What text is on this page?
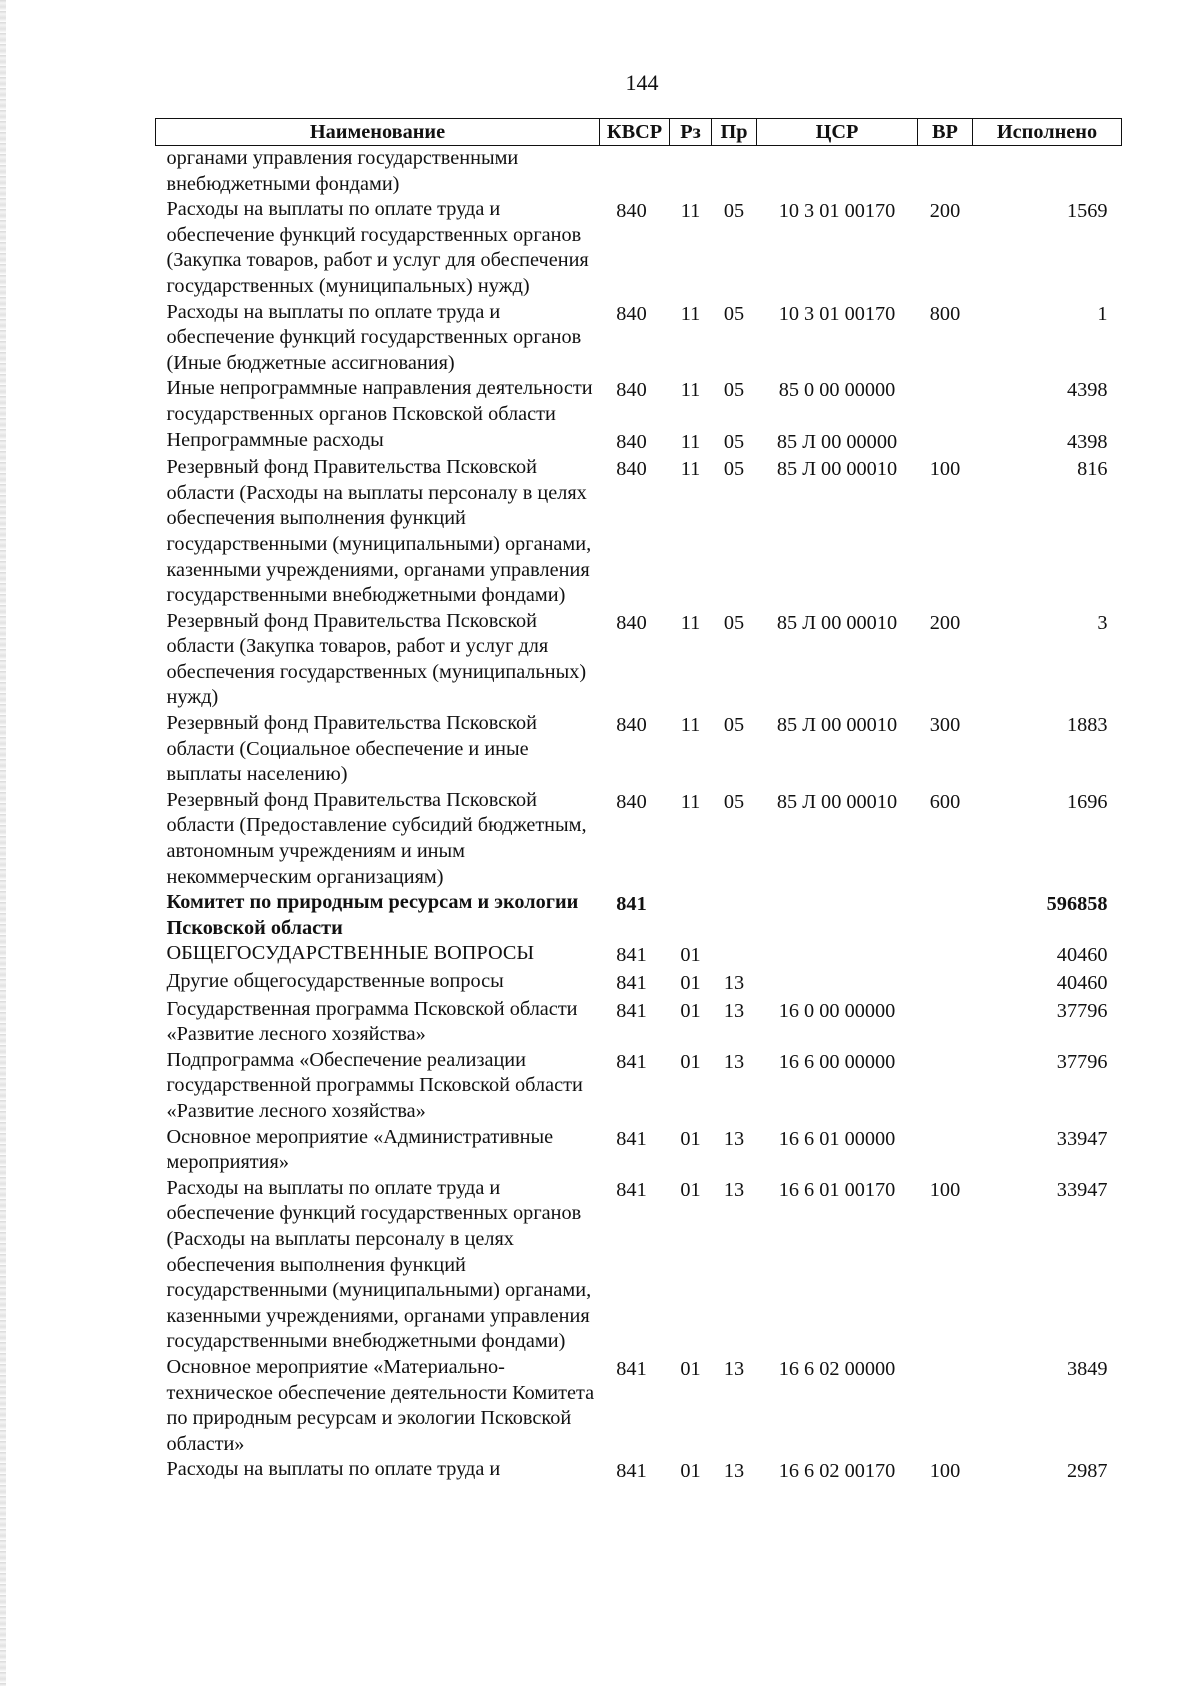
144
Наименование	КВСР	Рз	Пр	ЦСР	ВР	Исполнено
органами управления государственными внебюджетными фондами)						
Расходы на выплаты по оплате труда и обеспечение функций государственных органов (Закупка товаров, работ и услуг для обеспечения государственных (муниципальных) нужд)	840	11	05	10 3 01 00170	200	1569
Расходы на выплаты по оплате труда и обеспечение функций государственных органов (Иные бюджетные ассигнования)	840	11	05	10 3 01 00170	800	1
Иные непрограммные направления деятельности государственных органов Псковской области	840	11	05	85 0 00 00000		4398
Непрограммные расходы	840	11	05	85 Л 00 00000		4398
Резервный фонд Правительства Псковской области (Расходы на выплаты персоналу в целях обеспечения выполнения функций государственными (муниципальными) органами, казенными учреждениями, органами управления государственными внебюджетными фондами)	840	11	05	85 Л 00 00010	100	816
Резервный фонд Правительства Псковской области (Закупка товаров, работ и услуг для обеспечения государственных (муниципальных) нужд)	840	11	05	85 Л 00 00010	200	3
Резервный фонд Правительства Псковской области (Социальное обеспечение и иные выплаты населению)	840	11	05	85 Л 00 00010	300	1883
Резервный фонд Правительства Псковской области (Предоставление субсидий бюджетным, автономным учреждениям и иным некоммерческим организациям)	840	11	05	85 Л 00 00010	600	1696
Комитет по природным ресурсам и экологии Псковской области	841					596858
ОБЩЕГОСУДАРСТВЕННЫЕ ВОПРОСЫ	841	01				40460
Другие общегосударственные вопросы	841	01	13			40460
Государственная программа Псковской области «Развитие лесного хозяйства»	841	01	13	16 0 00 00000		37796
Подпрограмма «Обеспечение реализации государственной программы Псковской области «Развитие лесного хозяйства»	841	01	13	16 6 00 00000		37796
Основное мероприятие «Административные мероприятия»	841	01	13	16 6 01 00000		33947
Расходы на выплаты по оплате труда и обеспечение функций государственных органов (Расходы на выплаты персоналу в целях обеспечения выполнения функций государственными (муниципальными) органами, казенными учреждениями, органами управления государственными внебюджетными фондами)	841	01	13	16 6 01 00170	100	33947
Основное мероприятие «Материально-техническое обеспечение деятельности Комитета по природным ресурсам и экологии Псковской области»	841	01	13	16 6 02 00000		3849
Расходы на выплаты по оплате труда и	841	01	13	16 6 02 00170	100	2987
